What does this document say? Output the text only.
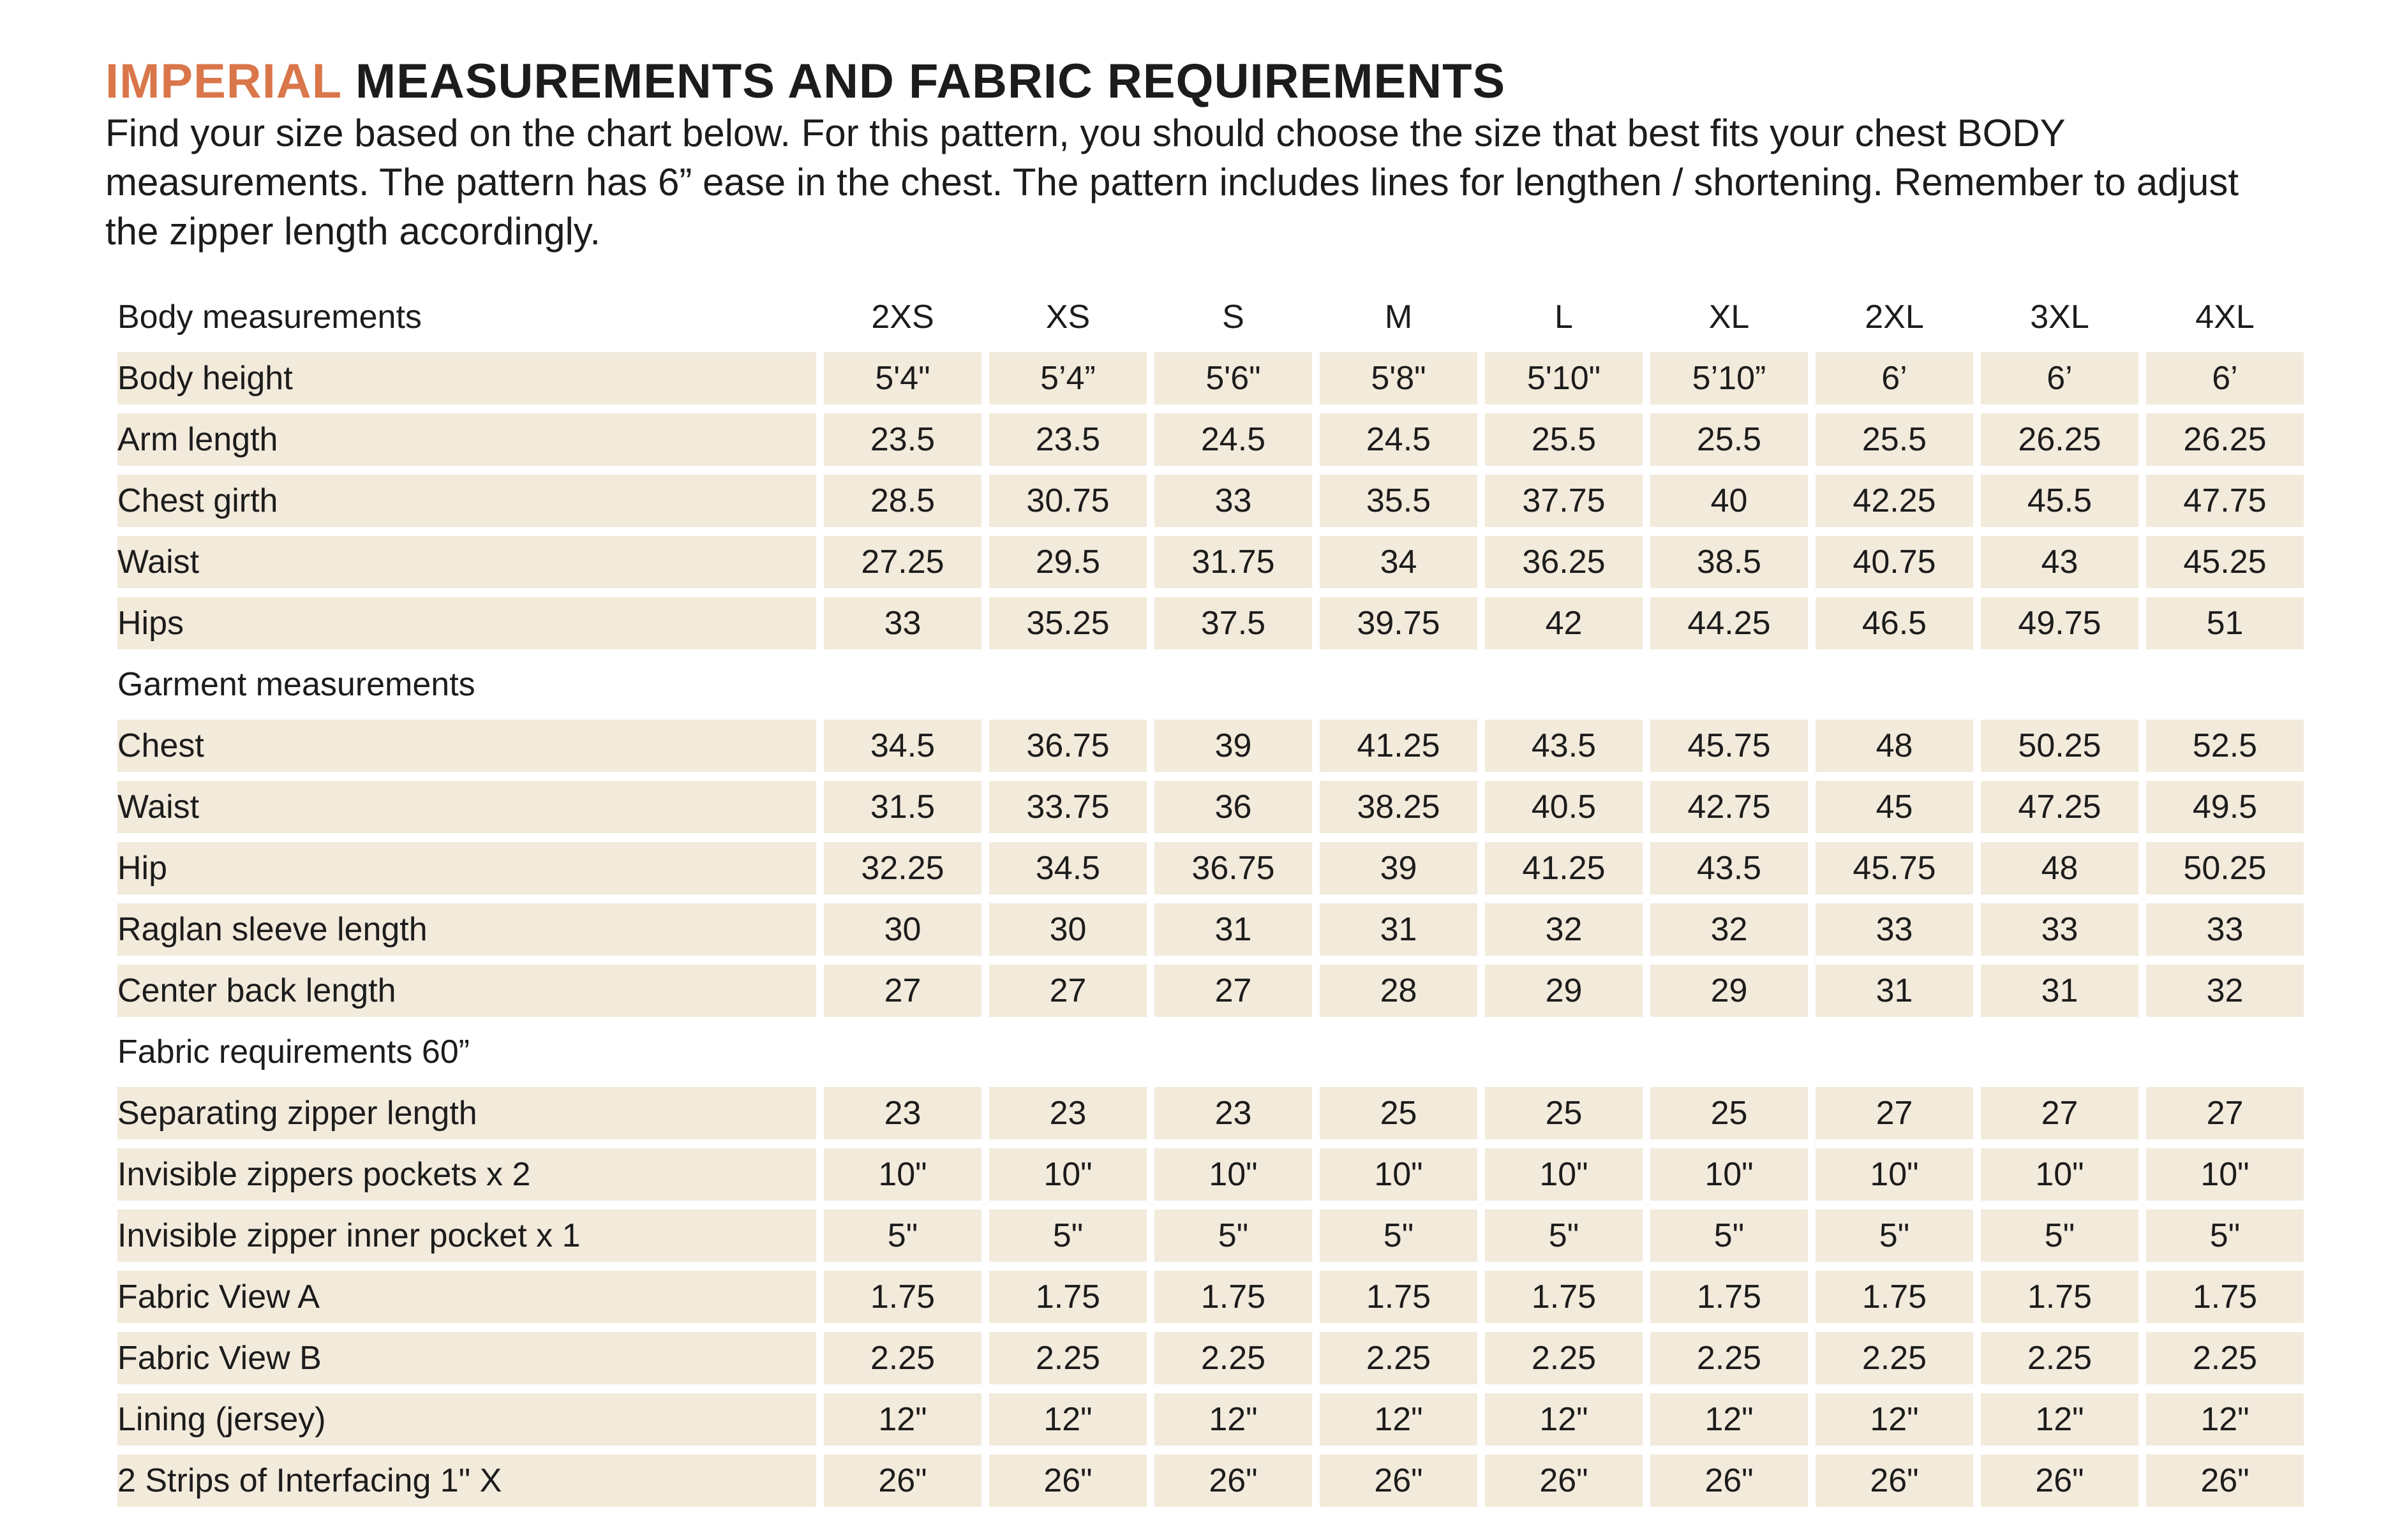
IMPERIAL MEASUREMENTS AND FABRIC REQUIREMENTS
Find your size based on the chart below. For this pattern, you should choose the size that best fits your chest BODY measurements. The pattern has 6” ease in the chest. The pattern includes lines for lengthen / shortening. Remember to adjust the zipper length accordingly.
Body measurements	2XS	XS	S	M	L	XL	2XL	3XL	4XL
Body height	5'4"	5’4”	5'6"	5'8"	5'10"	5’10”	6’	6’	6’
Arm length	23.5	23.5	24.5	24.5	25.5	25.5	25.5	26.25	26.25
Chest girth	28.5	30.75	33	35.5	37.75	40	42.25	45.5	47.75
Waist	27.25	29.5	31.75	34	36.25	38.5	40.75	43	45.25
Hips	33	35.25	37.5	39.75	42	44.25	46.5	49.75	51
Garment measurements									
Chest	34.5	36.75	39	41.25	43.5	45.75	48	50.25	52.5
Waist	31.5	33.75	36	38.25	40.5	42.75	45	47.25	49.5
Hip	32.25	34.5	36.75	39	41.25	43.5	45.75	48	50.25
Raglan sleeve length	30	30	31	31	32	32	33	33	33
Center back length	27	27	27	28	29	29	31	31	32
Fabric requirements 60”									
Separating zipper length	23	23	23	25	25	25	27	27	27
Invisible zippers pockets x 2	10"	10"	10"	10"	10"	10"	10"	10"	10"
Invisible zipper inner pocket x 1	5"	5"	5"	5"	5"	5"	5"	5"	5"
Fabric View A	1.75	1.75	1.75	1.75	1.75	1.75	1.75	1.75	1.75
Fabric View B	2.25	2.25	2.25	2.25	2.25	2.25	2.25	2.25	2.25
Lining (jersey)	12"	12"	12"	12"	12"	12"	12"	12"	12"
2 Strips of Interfacing 1" X	26"	26"	26"	26"	26"	26"	26"	26"	26"
